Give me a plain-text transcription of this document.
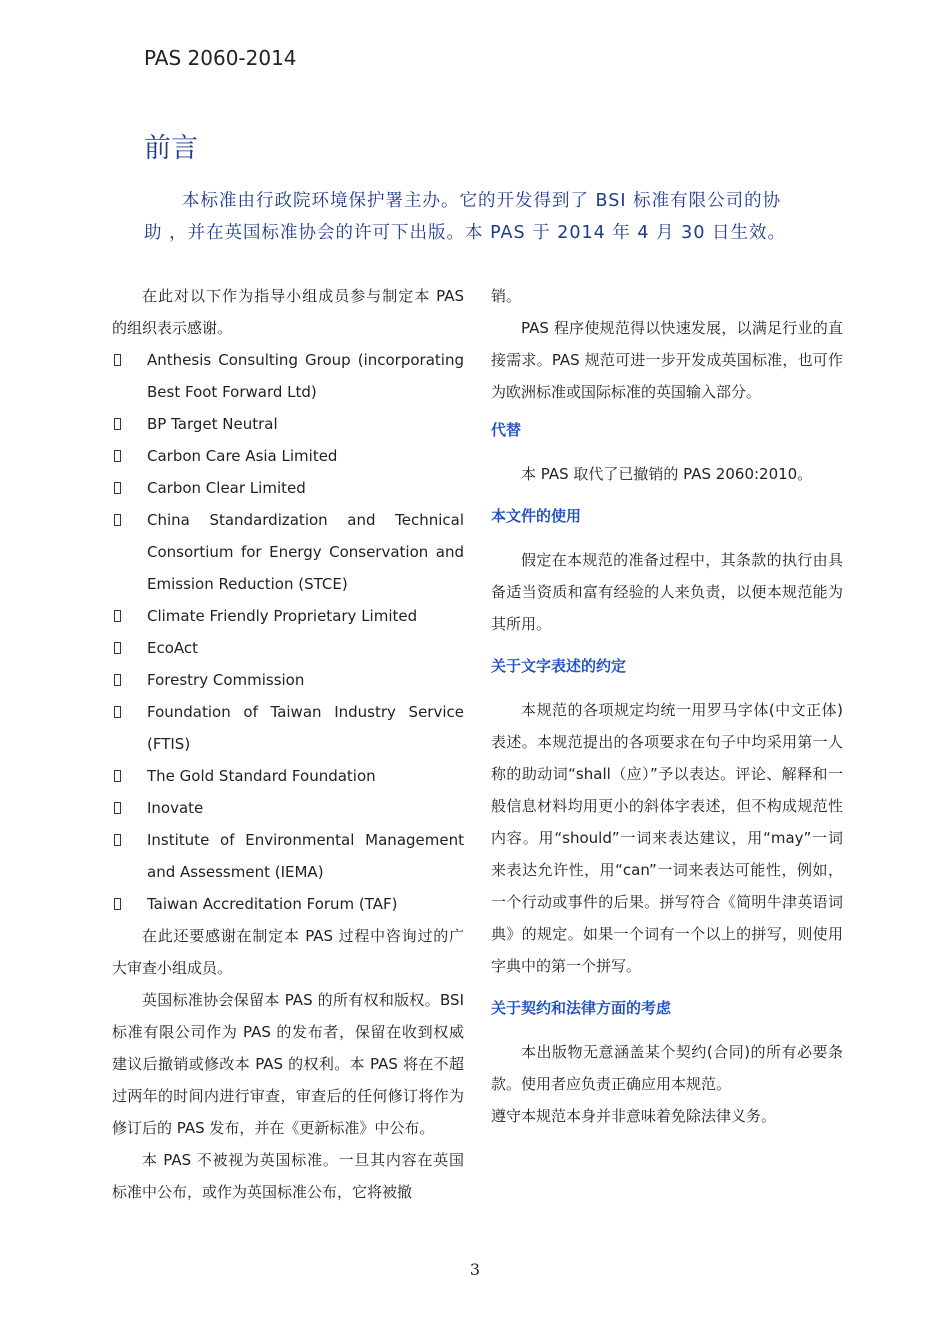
PAS 2060-2014
前言

本标准由行政院环境保护署主办。它的开发得到了 BSI 标准有限公司的协

助 ，并在英国标准协会的许可下出版。本 PAS 于 2014 年 4 月 30 日生效。

在此对以下作为指导小组成员参与制定本 PAS 的组织表示感谢。

Anthesis Consulting Group (incorporating Best Foot Forward Ltd)
BP Target Neutral
Carbon Care Asia Limited
Carbon Clear Limited
China Standardization and Technical Consortium for Energy Conservation and Emission Reduction (STCE)
Climate Friendly Proprietary Limited
EcoAct
Forestry Commission
Foundation of Taiwan Industry Service (FTIS)
The Gold Standard Foundation
Inovate
Institute of Environmental Management and Assessment (IEMA)
Taiwan Accreditation Forum (TAF)

在此还要感谢在制定本 PAS 过程中咨询过的广大审查小组成员。

英国标准协会保留本 PAS 的所有权和版权。BSI 标准有限公司作为 PAS 的发布者，保留在收到权威建议后撤销或修改本 PAS 的权利。本 PAS 将在不超过两年的时间内进行审查，审查后的任何修订将作为修订后的 PAS 发布，并在《更新标准》中公布。

本 PAS 不被视为英国标准。一旦其内容在英国标准中公布，或作为英国标准公布，它将被撤

销。

PAS 程序使规范得以快速发展，以满足行业的直接需求。PAS 规范可进一步开发成英国标准，也可作为欧洲标准或国际标准的英国输入部分。

代替

本 PAS 取代了已撤销的 PAS 2060:2010。

本文件的使用

假定在本规范的准备过程中，其条款的执行由具备适当资质和富有经验的人来负责，以便本规范能为其所用。

关于文字表述的约定

本规范的各项规定均统一用罗马字体(中文正体)表述。本规范提出的各项要求在句子中均采用第一人称的助动词“shall（应）”予以表达。评论、解释和一般信息材料均用更小的斜体字表述，但不构成规范性内容。用“should”一词来表达建议，用“may”一词来表达允许性，用“can”一词来表达可能性，例如，一个行动或事件的后果。拼写符合《简明牛津英语词典》的规定。如果一个词有一个以上的拼写，则使用字典中的第一个拼写。

关于契约和法律方面的考虑

本出版物无意涵盖某个契约(合同)的所有必要条款。使用者应负责正确应用本规范。

遵守本规范本身并非意味着免除法律义务。

3
